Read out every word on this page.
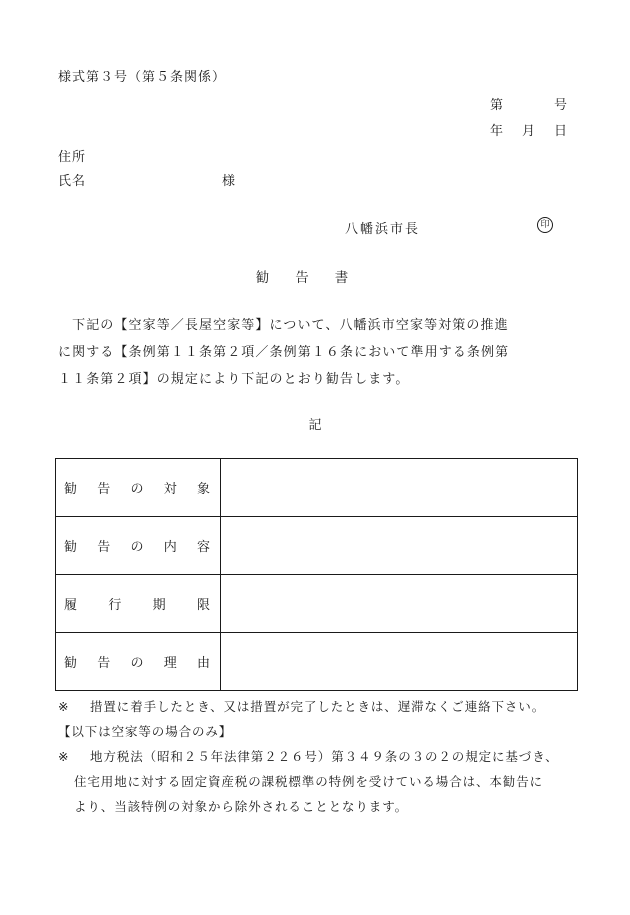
様式第３号（第５条関係）
第	号
年 月 日
住所
氏名	様
八幡浜市長	印
勧告書

　下記の【空家等／長屋空家等】について、八幡浜市空家等対策の推進

に関する【条例第１１条第２項／条例第１６条において準用する条例第

１１条第２項】の規定により下記のとおり勧告します。

記
勧 告 の 対 象	

勧 告 の 内 容	

履 行 期 限	

勧 告 の 理 由	

※ 措置に着手したとき、又は措置が完了したときは、遅滞なくご連絡下さい。

【以下は空家等の場合のみ】
※ 地方税法（昭和２５年法律第２２６号）第３４９条の３の２の規定に基づき、

住宅用地に対する固定資産税の課税標準の特例を受けている場合は、本勧告に

より、当該特例の対象から除外されることとなります。
